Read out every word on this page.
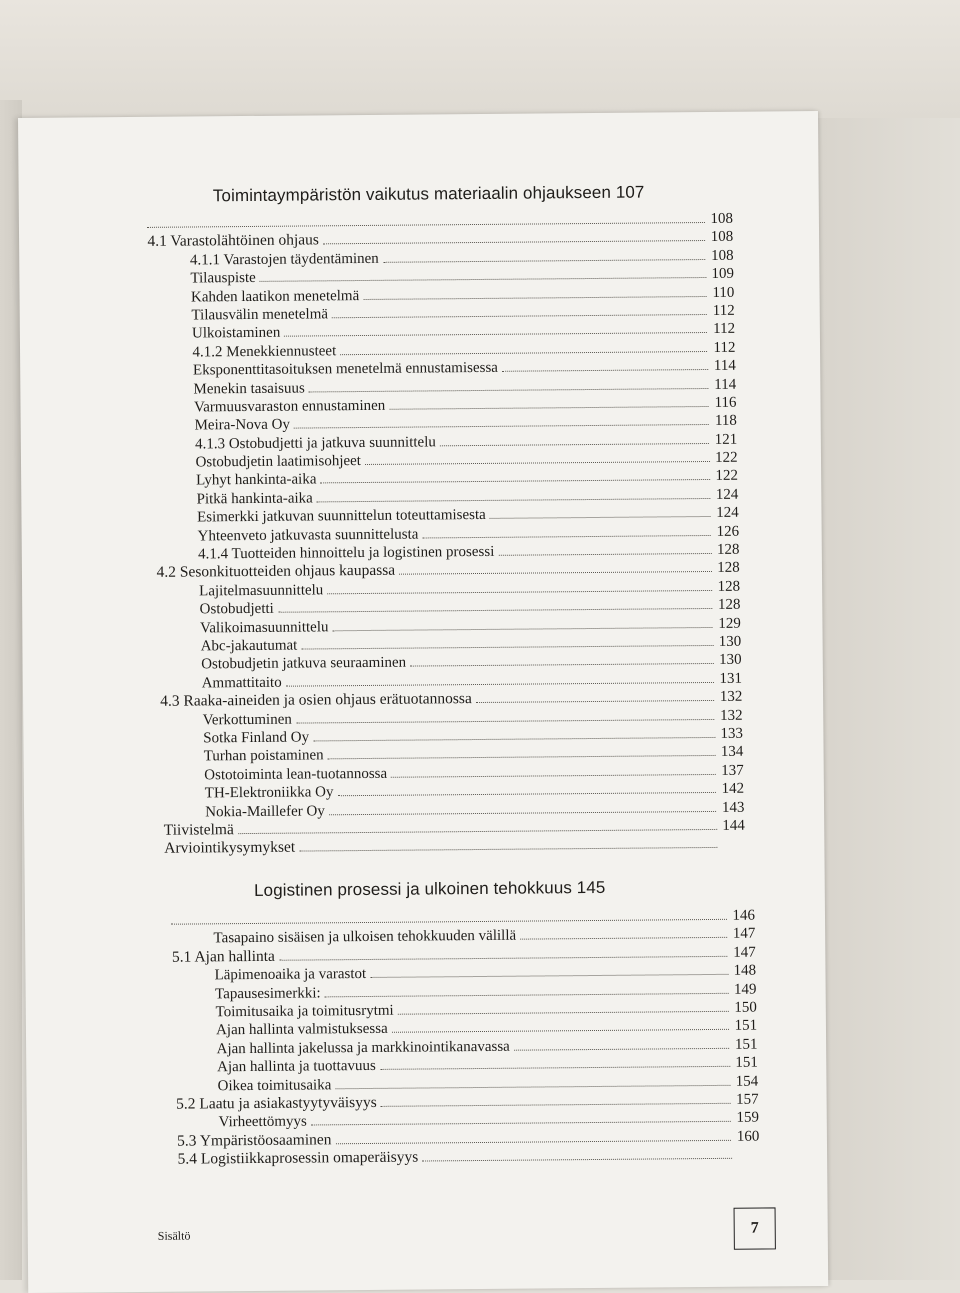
Toimintaympäristön vaikutus materiaalin ohjaukseen 107
108
4.1 Varastolähtöinen ohjaus	108
4.1.1 Varastojen täydentäminen	108
Tilauspiste	109
Kahden laatikon menetelmä	110
Tilausvälin menetelmä	112
Ulkoistaminen	112
4.1.2 Menekkiennusteet	112
Eksponenttitasoituksen menetelmä ennustamisessa	114
Menekin tasaisuus	114
Varmuusvaraston ennustaminen	116
Meira-Nova Oy	118
4.1.3 Ostobudjetti ja jatkuva suunnittelu	121
Ostobudjetin laatimisohjeet	122
Lyhyt hankinta-aika	122
Pitkä hankinta-aika	124
Esimerkki jatkuvan suunnittelun toteuttamisesta	124
Yhteenveto jatkuvasta suunnittelusta	126
4.1.4 Tuotteiden hinnoittelu ja logistinen prosessi	128
4.2 Sesonkituotteiden ohjaus kaupassa	128
Lajitelmasuunnittelu	128
Ostobudjetti	128
Valikoimasuunnittelu	129
Abc-jakautumat	130
Ostobudjetin jatkuva seuraaminen	130
Ammattitaito	131
4.3 Raaka-aineiden ja osien ohjaus erätuotannossa	132
Verkottuminen	132
Sotka Finland Oy	133
Turhan poistaminen	134
Ostotoiminta lean-tuotannossa	137
TH-Elektroniikka Oy	142
Nokia-Maillefer Oy	143
Tiivistelmä	144
Arviointikysymykset
Logistinen prosessi ja ulkoinen tehokkuus 145
146
Tasapaino sisäisen ja ulkoisen tehokkuuden välillä	147
5.1 Ajan hallinta	147
Läpimenoaika ja varastot	148
Tapausesimerkki:	149
Toimitusaika ja toimitusrytmi	150
Ajan hallinta valmistuksessa	151
Ajan hallinta jakelussa ja markkinointikanavassa	151
Ajan hallinta ja tuottavuus	151
Oikea toimitusaika	154
5.2 Laatu ja asiakastyytyväisyys	157
Virheettömyys	159
5.3 Ympäristöosaaminen	160
5.4 Logistiikkaprosessin omaperäisyys
Sisältö	7
